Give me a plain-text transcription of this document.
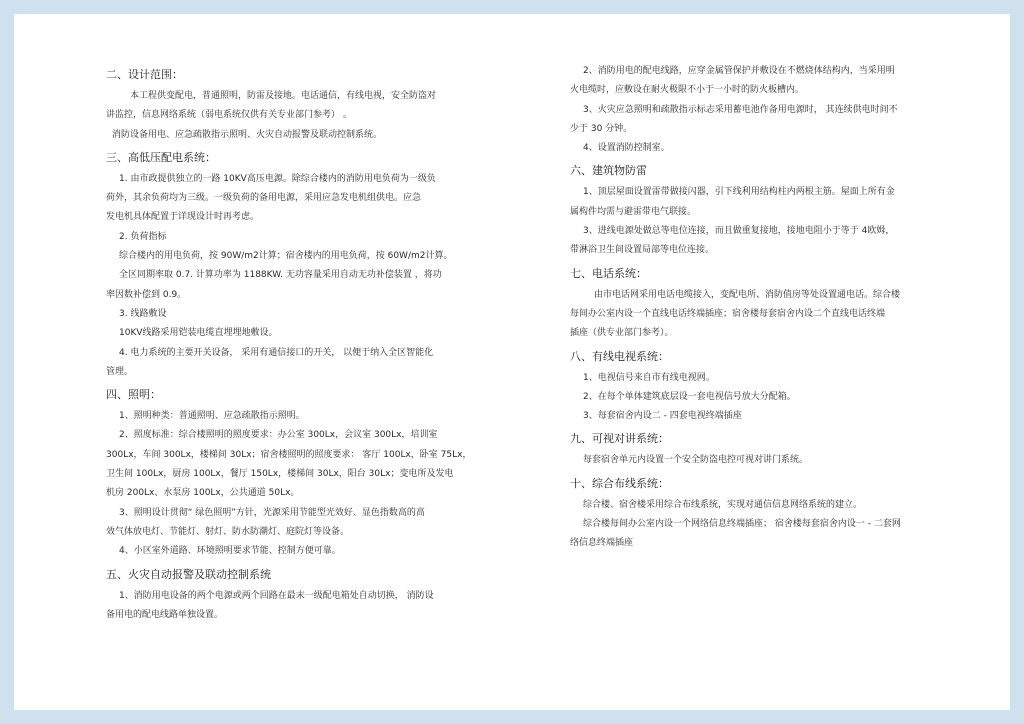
二、设计范围：
本工程供变配电，普通照明，防雷及接地。电话通信，有线电视，安全防盗对
讲监控，信息网络系统（弱电系统仅供有关专业部门参考） 。
消防设备用电、应急疏散指示照明、火灾自动报警及联动控制系统。
三、高低压配电系统：
1. 由市政提供独立的一路 10KV高压电源。除综合楼内的消防用电负荷为一级负
荷外，其余负荷均为三级。一级负荷的备用电源，采用应急发电机组供电。应急
发电机具体配置于详现设计时再考虑。
2. 负荷指标
综合楼内的用电负荷，按 90W/m2计算；宿舍楼内的用电负荷，按 60W/m2计算。
全区同期率取 0.7. 计算功率为 1188KW. 无功容量采用自动无功补偿装置 ，将功
率因数补偿到 0.9。
3. 线路敷设
10KV线路采用铠装电缆直埋埋地敷设。
4. 电力系统的主要开关设备， 采用有通信接口的开关， 以便于纳入全区智能化
管理。
四、照明：
1、照明种类：普通照明、应急疏散指示照明。
2、照度标准：综合楼照明的照度要求：办公室 300Lx，会议室 300Lx，培训室
300Lx，车间 300Lx，楼梯间 30Lx；宿舍楼照明的照度要求： 客厅 100Lx，卧室 75Lx，
卫生间 100Lx，厨房 100Lx，餐厅 150Lx，楼梯间 30Lx，阳台 30Lx；变电所及发电
机房 200Lx、水泵房 100Lx，公共通道 50Lx。
3、照明设计贯彻“ 绿色照明”方针，光源采用节能型光效好、显色指数高的高
效气体放电灯、节能灯、射灯、防水防潮灯、庭院灯等设备。
4、小区室外道路、环境照明要求节能、控制方便可靠。
五、火灾自动报警及联动控制系统
1、消防用电设备的两个电源或两个回路在最末一级配电箱处自动切换， 消防设
备用电的配电线路单独设置。
2、消防用电的配电线路，应穿金属管保护并敷设在不燃烧体结构内，当采用明
火电缆时，应敷设在耐火极限不小于一小时的防火板槽内。
3、火灾应急照明和疏散指示标志采用蓄电池作备用电源时， 其连续供电时间不
少于 30 分钟。
4、设置消防控制室。
六、建筑物防雷
1、顶层屋面设置雷带做接闪器，引下线利用结构柱内两根主筋。屋面上所有金
属构件均需与避雷带电气联接。
3、进线电源处做总等电位连接，而且做重复接地，接地电阻小于等于 4欧姆，
带淋浴卫生间设置局部等电位连接。
七、电话系统：
由市电话网采用电话电缆接入，变配电所、消防值房等处设置通电话。综合楼
每间办公室内设一个直线电话终端插座；宿舍楼每套宿舍内设二个直线电话终端
插座（供专业部门参考）。
八、有线电视系统：
1、电视信号来自市有线电视网。
2、在每个单体建筑底层设一套电视信号放大分配箱。
3、每套宿舍内设二 - 四套电视终端插座
九、可视对讲系统：
每套宿舍单元内设置一个安全防盗电控可视对讲门系统。
十、综合布线系统：
综合楼、宿舍楼采用综合布线系统，实现对通信信息网络系统的建立。
综合楼每间办公室内设一个网络信息终端插座； 宿舍楼每套宿舍内设一 - 二套网
络信息终端插座
